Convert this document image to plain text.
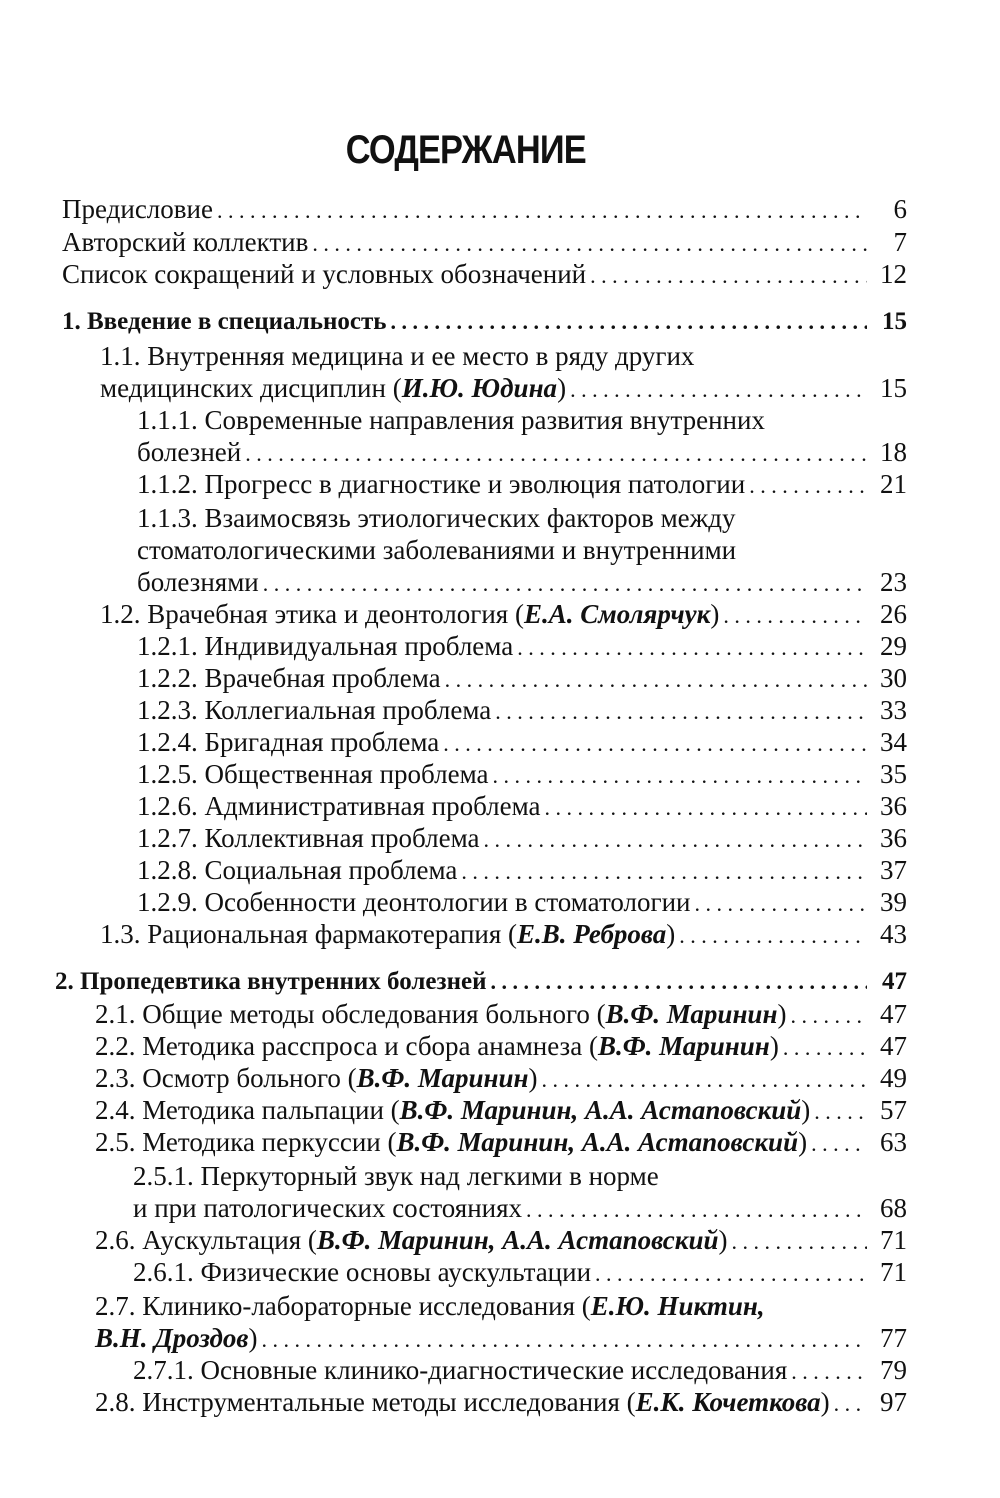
СОДЕРЖАНИЕ
Предисловие . . .	6
Авторский коллектив . . .	7
Список сокращений и условных обозначений . . .	12
1. Введение в специальность . . .	15
1.1. Внутренняя медицина и ее место в ряду других
медицинских дисциплин (И.Ю. Юдина) . . .	15
1.1.1. Современные направления развития внутренних
болезней . . .	18
1.1.2. Прогресс в диагностике и эволюция патологии . . .	21
1.1.3. Взаимосвязь этиологических факторов между
стоматологическими заболеваниями и внутренними
болезнями . . .	23
1.2. Врачебная этика и деонтология (Е.А. Смолярчук) . . .	26
1.2.1. Индивидуальная проблема . . .	29
1.2.2. Врачебная проблема . . .	30
1.2.3. Коллегиальная проблема . . .	33
1.2.4. Бригадная проблема . . .	34
1.2.5. Общественная проблема . . .	35
1.2.6. Административная проблема . . .	36
1.2.7. Коллективная проблема . . .	36
1.2.8. Социальная проблема . . .	37
1.2.9. Особенности деонтологии в стоматологии . . .	39
1.3. Рациональная фармакотерапия (Е.В. Реброва) . . .	43
2. Пропедевтика внутренних болезней . . .	47
2.1. Общие методы обследования больного (В.Ф. Маринин) . . .	47
2.2. Методика расспроса и сбора анамнеза (В.Ф. Маринин) . . .	47
2.3. Осмотр больного (В.Ф. Маринин) . . .	49
2.4. Методика пальпации (В.Ф. Маринин, А.А. Астаповский) . . .	57
2.5. Методика перкуссии (В.Ф. Маринин, А.А. Астаповский) . . .	63
2.5.1. Перкуторный звук над легкими в норме
и при патологических состояниях . . .	68
2.6. Аускультация (В.Ф. Маринин, А.А. Астаповский) . . .	71
2.6.1. Физические основы аускультации . . .	71
2.7. Клинико-лабораторные исследования (Е.Ю. Никтин,
В.Н. Дроздов) . . .	77
2.7.1. Основные клинико-диагностические исследования . . .	79
2.8. Инструментальные методы исследования (Е.К. Кочеткова) . . . 97
